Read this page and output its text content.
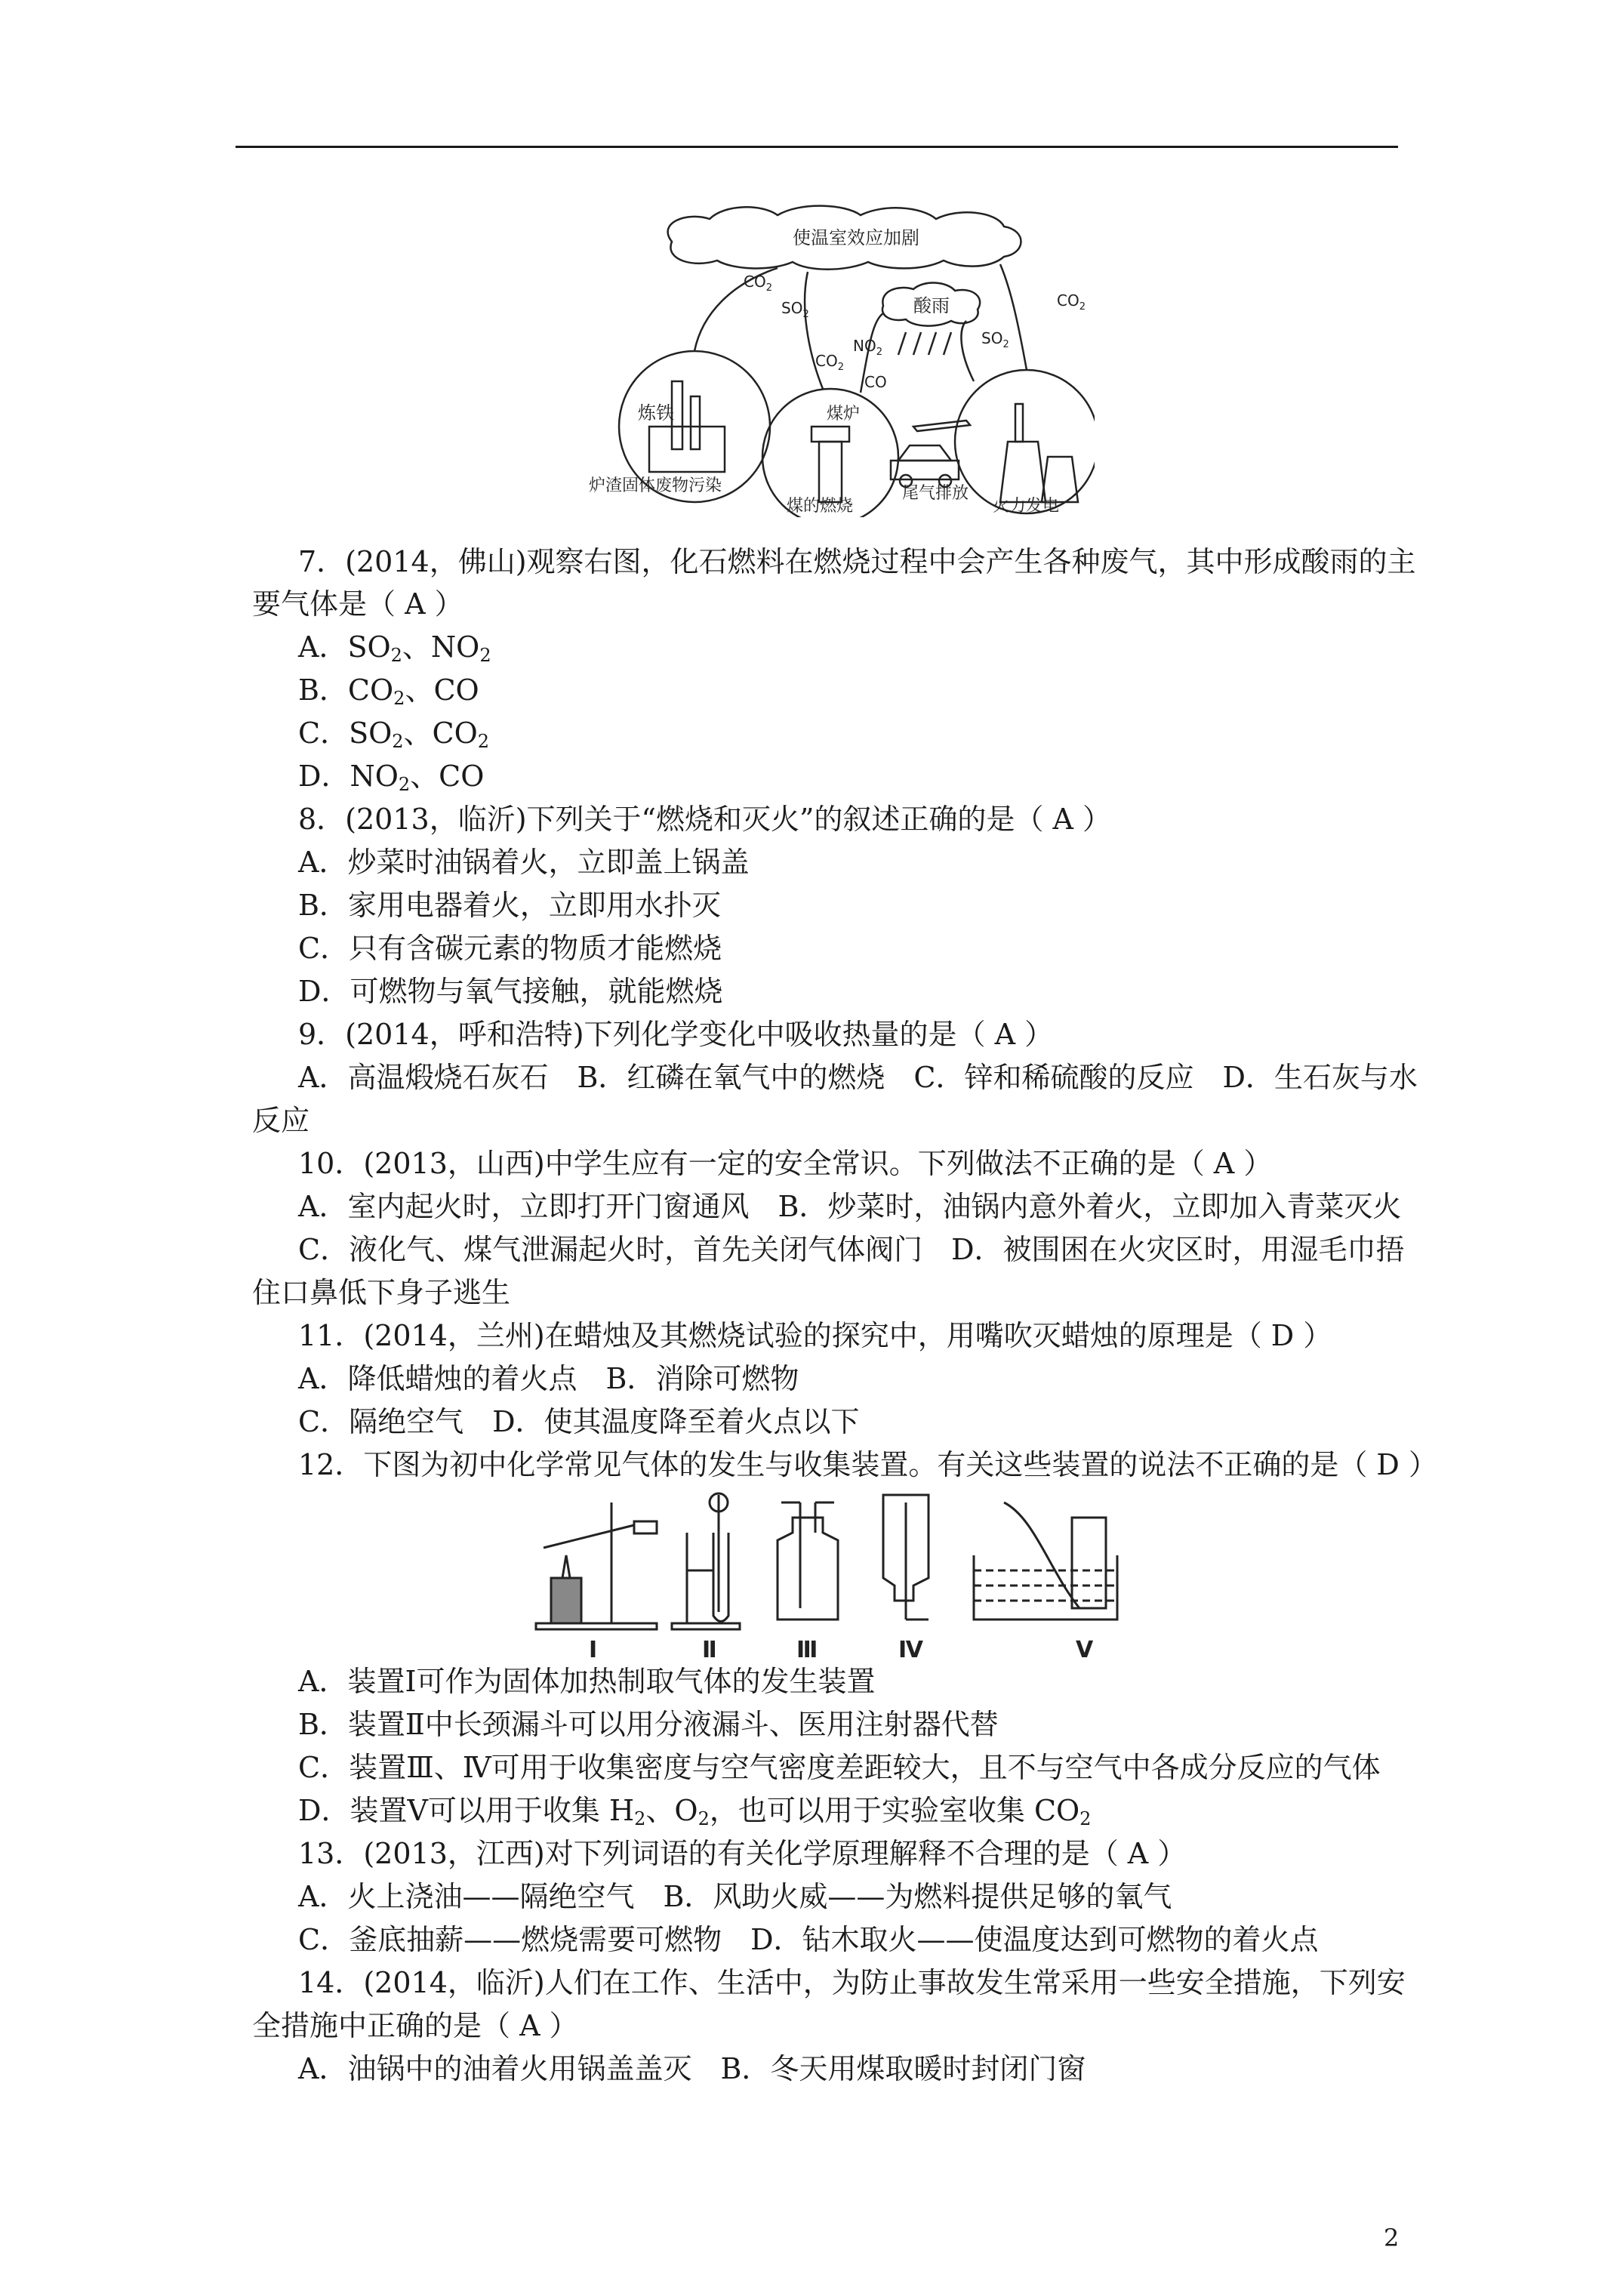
使温室效应加剧
酸雨
$CO_2$
$SO_2$
$CO_2$
$NO_2$
CO
$SO_2$
$CO_2$
炼铁
炉渣固体废物污染
煤炉
煤的燃烧
尾气排放
火力发电
7．(2014，佛山)观察右图，化石燃料在燃烧过程中会产生各种废气，其中形成酸雨的主
要气体是（ A ）
A．$SO_2$、$NO_2$
B．$CO_2$、CO
C．$SO_2$、$CO_2$
D．$NO_2$、CO
8．(2013，临沂)下列关于“燃烧和灭火”的叙述正确的是（ A ）
A．炒菜时油锅着火，立即盖上锅盖
B．家用电器着火，立即用水扑灭
C．只有含碳元素的物质才能燃烧
D．可燃物与氧气接触，就能燃烧
9．(2014，呼和浩特)下列化学变化中吸收热量的是（ A ）
A．高温煅烧石灰石　B．红磷在氧气中的燃烧　C．锌和稀硫酸的反应　D．生石灰与水
反应
10．(2013，山西)中学生应有一定的安全常识。下列做法不正确的是（ A ）
A．室内起火时，立即打开门窗通风　B．炒菜时，油锅内意外着火，立即加入青菜灭火
C．液化气、煤气泄漏起火时，首先关闭气体阀门　D．被围困在火灾区时，用湿毛巾捂
住口鼻低下身子逃生
11．(2014，兰州)在蜡烛及其燃烧试验的探究中，用嘴吹灭蜡烛的原理是（ D ）
A．降低蜡烛的着火点　B．消除可燃物
C．隔绝空气　D．使其温度降至着火点以下
12．下图为初中化学常见气体的发生与收集装置。有关这些装置的说法不正确的是（ D ）
I	Ⅱ	Ⅲ	Ⅳ	V
A．装置Ⅰ可作为固体加热制取气体的发生装置
B．装置Ⅱ中长颈漏斗可以用分液漏斗、医用注射器代替
C．装置Ⅲ、Ⅳ可用于收集密度与空气密度差距较大，且不与空气中各成分反应的气体
D．装置Ⅴ可以用于收集 $H_2$、$O_2$，也可以用于实验室收集 $CO_2$
13．(2013，江西)对下列词语的有关化学原理解释不合理的是（ A ）
A．火上浇油——隔绝空气　B．风助火威——为燃料提供足够的氧气
C．釜底抽薪——燃烧需要可燃物　D．钻木取火——使温度达到可燃物的着火点
14．(2014，临沂)人们在工作、生活中，为防止事故发生常采用一些安全措施，下列安
全措施中正确的是（ A ）
A．油锅中的油着火用锅盖盖灭　B．冬天用煤取暖时封闭门窗
2
